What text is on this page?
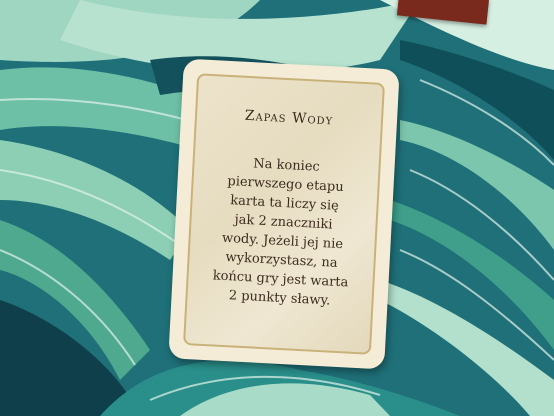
Zapas Wody
Na koniec
pierwszego etapu
karta ta liczy się
jak 2 znaczniki
wody. Jeżeli jej nie
wykorzystasz, na
końcu gry jest warta
2 punkty sławy.
